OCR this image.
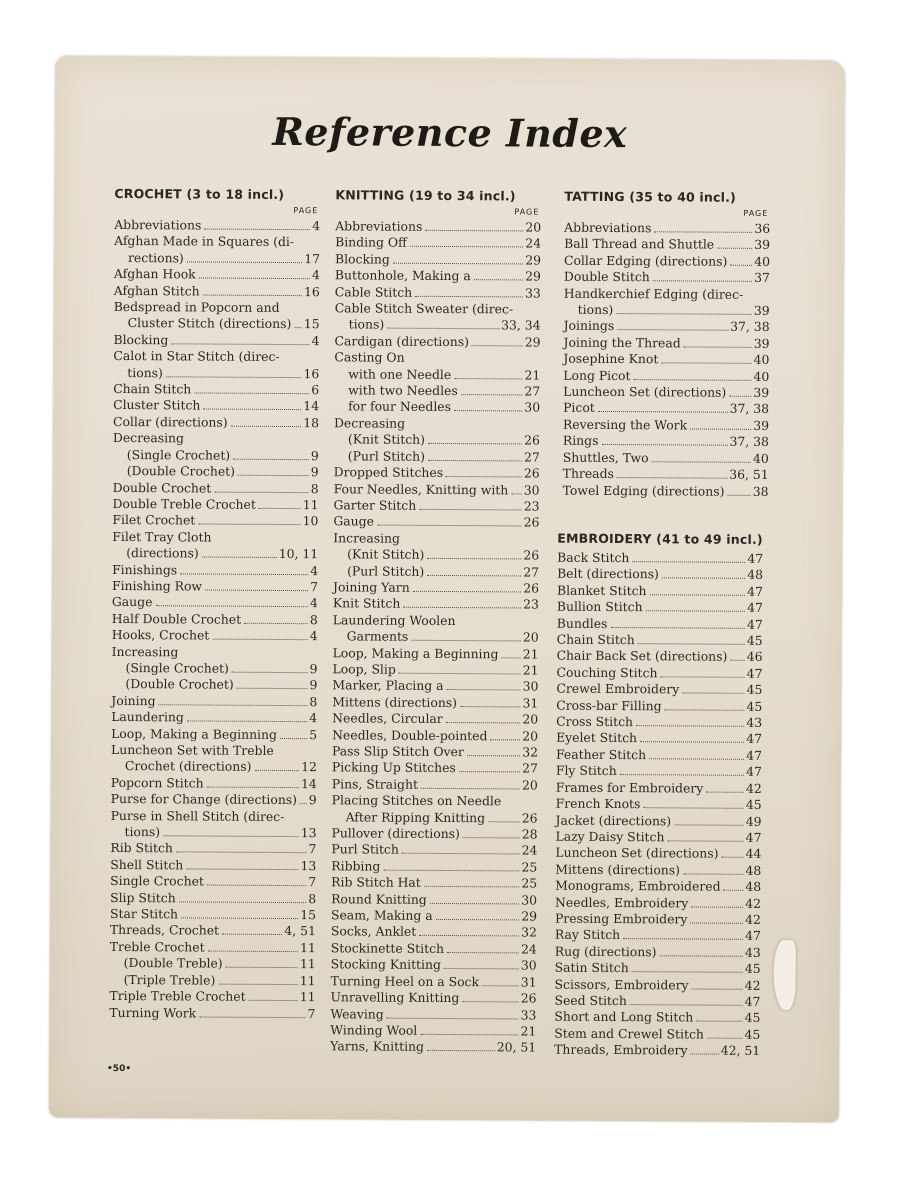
Reference Index
CROCHET (3 to 18 incl.)
PAGE
Abbreviations	4
Afghan Made in Squares (di-
rections)	17
Afghan Hook	4
Afghan Stitch	16
Bedspread in Popcorn and
Cluster Stitch (directions) 15
Blocking	4
Calot in Star Stitch (direc-
tions)	16
Chain Stitch	6
Cluster Stitch	14
Collar (directions)	18
Decreasing
(Single Crochet)	9
(Double Crochet)	9
Double Crochet	8
Double Treble Crochet	11
Filet Crochet	10
Filet Tray Cloth
(directions)	10, 11
Finishings	4
Finishing Row	7
Gauge	4
Half Double Crochet	8
Hooks, Crochet	4
Increasing
(Single Crochet)	9
(Double Crochet)	9
Joining	8
Laundering	4
Loop, Making a Beginning	5
Luncheon Set with Treble
Crochet (directions)	12
Popcorn Stitch	14
Purse for Change (directions) 9
Purse in Shell Stitch (direc-
tions)	13
Rib Stitch	7
Shell Stitch	13
Single Crochet	7
Slip Stitch	8
Star Stitch	15
Threads, Crochet	4, 51
Treble Crochet	11
(Double Treble)	11
(Triple Treble)	11
Triple Treble Crochet	11
Turning Work	7
KNITTING (19 to 34 incl.)
PAGE
Abbreviations	20
Binding Off	24
Blocking	29
Buttonhole, Making a	29
Cable Stitch	33
Cable Stitch Sweater (direc-
tions)	33, 34
Cardigan (directions)	29
Casting On
with one Needle	21
with two Needles	27
for four Needles	30
Decreasing
(Knit Stitch)	26
(Purl Stitch)	27
Dropped Stitches	26
Four Needles, Knitting with 30
Garter Stitch	23
Gauge	26
Increasing
(Knit Stitch)	26
(Purl Stitch)	27
Joining Yarn	26
Knit Stitch	23
Laundering Woolen
Garments	20
Loop, Making a Beginning 21
Loop, Slip	21
Marker, Placing a	30
Mittens (directions)	31
Needles, Circular	20
Needles, Double-pointed	20
Pass Slip Stitch Over	32
Picking Up Stitches	27
Pins, Straight	20
Placing Stitches on Needle
After Ripping Knitting	26
Pullover (directions)	28
Purl Stitch	24
Ribbing	25
Rib Stitch Hat	25
Round Knitting	30
Seam, Making a	29
Socks, Anklet	32
Stockinette Stitch	24
Stocking Knitting	30
Turning Heel on a Sock	31
Unravelling Knitting	26
Weaving	33
Winding Wool	21
Yarns, Knitting	20, 51
TATTING (35 to 40 incl.)
PAGE
Abbreviations	36
Ball Thread and Shuttle	39
Collar Edging (directions) 40
Double Stitch	37
Handkerchief Edging (direc-
tions)	39
Joinings	37, 38
Joining the Thread	39
Josephine Knot	40
Long Picot	40
Luncheon Set (directions) 39
Picot	37, 38
Reversing the Work	39
Rings	37, 38
Shuttles, Two	40
Threads	36, 51
Towel Edging (directions) 38
EMBROIDERY (41 to 49 incl.)
Back Stitch	47
Belt (directions)	48
Blanket Stitch	47
Bullion Stitch	47
Bundles	47
Chain Stitch	45
Chair Back Set (directions) 46
Couching Stitch	47
Crewel Embroidery	45
Cross-bar Filling	45
Cross Stitch	43
Eyelet Stitch	47
Feather Stitch	47
Fly Stitch	47
Frames for Embroidery	42
French Knots	45
Jacket (directions)	49
Lazy Daisy Stitch	47
Luncheon Set (directions) 44
Mittens (directions)	48
Monograms, Embroidered 48
Needles, Embroidery	42
Pressing Embroidery	42
Ray Stitch	47
Rug (directions)	43
Satin Stitch	45
Scissors, Embroidery	42
Seed Stitch	47
Short and Long Stitch	45
Stem and Crewel Stitch	45
Threads, Embroidery	42, 51
•50•
